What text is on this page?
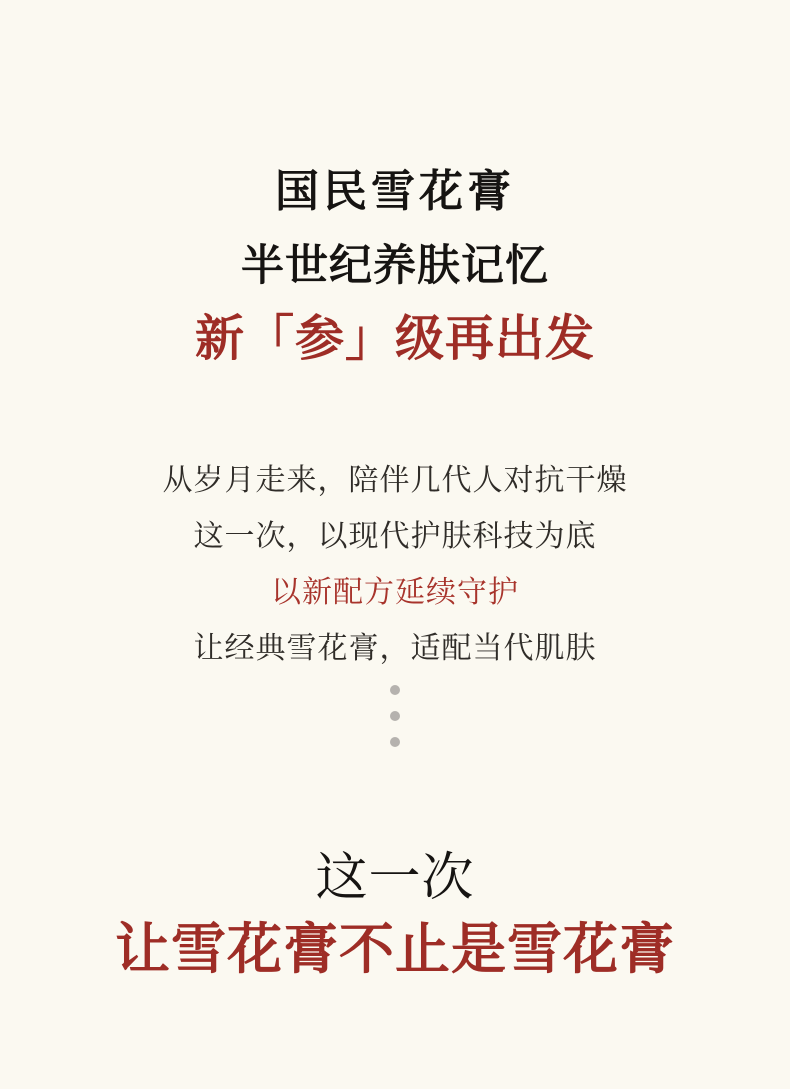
国民雪花膏
半世纪养肤记忆
新「参」级再出发

从岁月走来，陪伴几代人对抗干燥

这一次，以现代护肤科技为底

以新配方延续守护

让经典雪花膏，适配当代肌肤

这一次
让雪花膏不止是雪花膏
